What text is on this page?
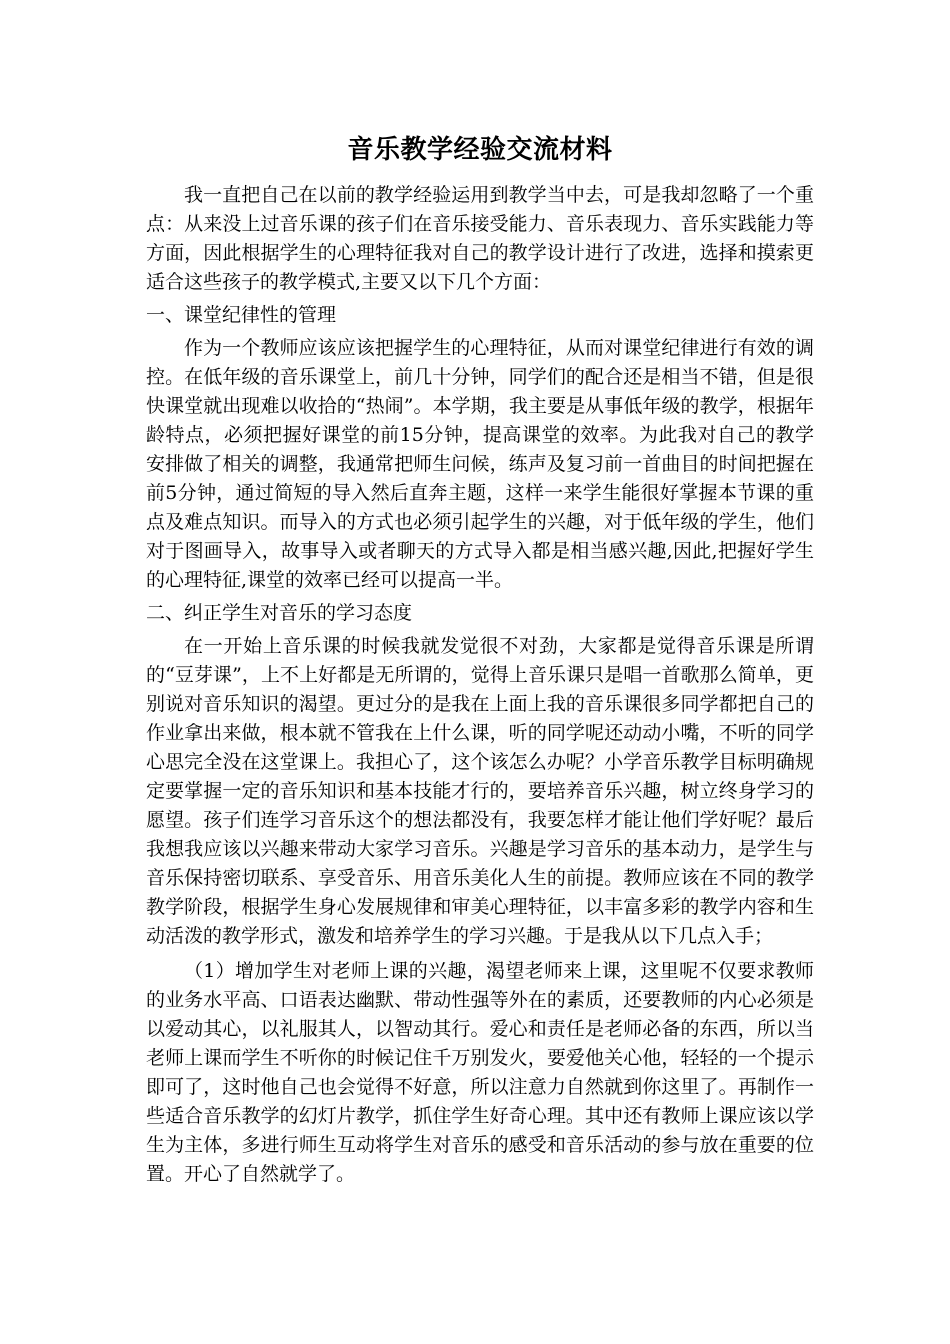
音乐教学经验交流材料

我一直把自己在以前的教学经验运用到教学当中去，可是我却忽略了一个重点：从来没上过音乐课的孩子们在音乐接受能力、音乐表现力、音乐实践能力等方面，因此根据学生的心理特征我对自己的教学设计进行了改进，选择和摸索更适合这些孩子的教学模式,主要又以下几个方面：

一、课堂纪律性的管理

作为一个教师应该应该把握学生的心理特征，从而对课堂纪律进行有效的调控。在低年级的音乐课堂上，前几十分钟，同学们的配合还是相当不错，但是很快课堂就出现难以收拾的“热闹”。本学期，我主要是从事低年级的教学，根据年龄特点，必须把握好课堂的前15分钟，提高课堂的效率。为此我对自己的教学安排做了相关的调整，我通常把师生问候，练声及复习前一首曲目的时间把握在前5分钟，通过简短的导入然后直奔主题，这样一来学生能很好掌握本节课的重点及难点知识。而导入的方式也必须引起学生的兴趣，对于低年级的学生，他们对于图画导入，故事导入或者聊天的方式导入都是相当感兴趣,因此,把握好学生的心理特征,课堂的效率已经可以提高一半。

二、纠正学生对音乐的学习态度

在一开始上音乐课的时候我就发觉很不对劲，大家都是觉得音乐课是所谓的“豆芽课”，上不上好都是无所谓的，觉得上音乐课只是唱一首歌那么简单，更别说对音乐知识的渴望。更过分的是我在上面上我的音乐课很多同学都把自己的作业拿出来做，根本就不管我在上什么课，听的同学呢还动动小嘴，不听的同学心思完全没在这堂课上。我担心了，这个该怎么办呢？小学音乐教学目标明确规定要掌握一定的音乐知识和基本技能才行的，要培养音乐兴趣，树立终身学习的愿望。孩子们连学习音乐这个的想法都没有，我要怎样才能让他们学好呢？最后我想我应该以兴趣来带动大家学习音乐。兴趣是学习音乐的基本动力，是学生与音乐保持密切联系、享受音乐、用音乐美化人生的前提。教师应该在不同的教学教学阶段，根据学生身心发展规律和审美心理特征，以丰富多彩的教学内容和生动活泼的教学形式，激发和培养学生的学习兴趣。于是我从以下几点入手；

（1）增加学生对老师上课的兴趣，渴望老师来上课，这里呢不仅要求教师的业务水平高、口语表达幽默、带动性强等外在的素质，还要教师的内心必须是以爱动其心，以礼服其人，以智动其行。爱心和责任是老师必备的东西，所以当老师上课而学生不听你的时候记住千万别发火，要爱他关心他，轻轻的一个提示即可了，这时他自己也会觉得不好意，所以注意力自然就到你这里了。再制作一些适合音乐教学的幻灯片教学，抓住学生好奇心理。其中还有教师上课应该以学生为主体，多进行师生互动将学生对音乐的感受和音乐活动的参与放在重要的位置。开心了自然就学了。
